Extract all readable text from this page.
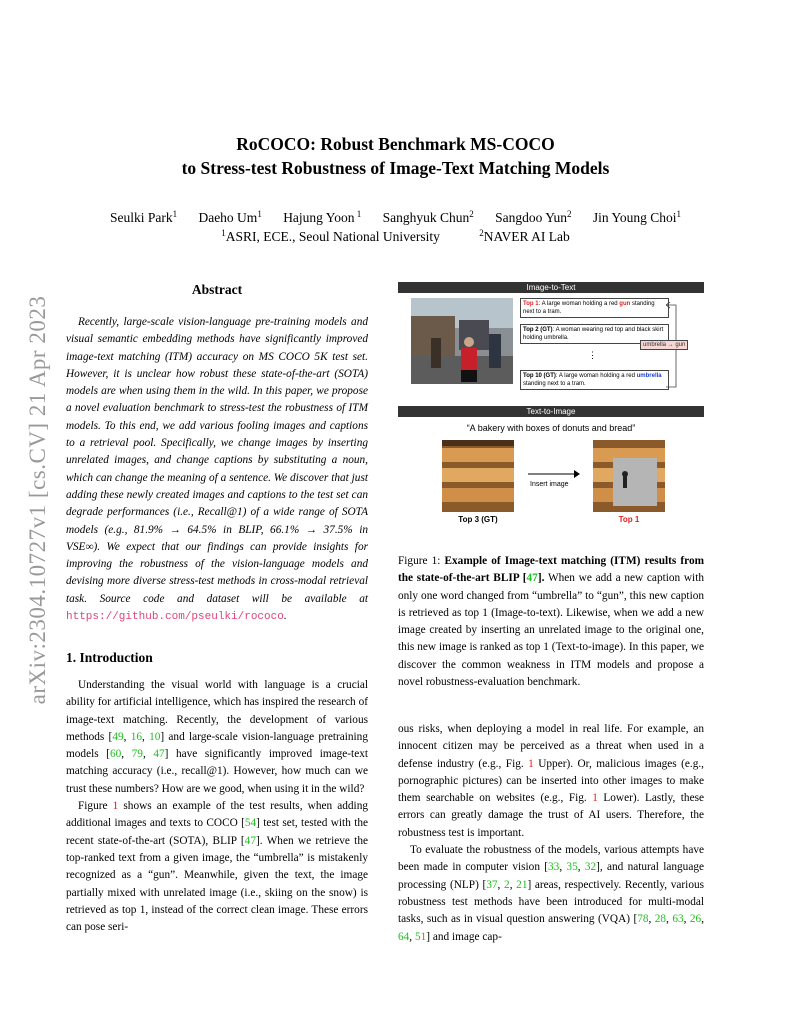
arXiv:2304.10727v1 [cs.CV] 21 Apr 2023
RoCOCO: Robust Benchmark MS-COCO
to Stress-test Robustness of Image-Text Matching Models
Seulki Park$^1$ Daeho Um$^1$ Hajung Yoon $^1$ Sanghyuk Chun$^2$ Sangdoo Yun$^2$ Jin Young Choi$^1$
$^1$ASRI, ECE., Seoul National University	$^2$NAVER AI Lab
Abstract
Recently, large-scale vision-language pre-training models and visual semantic embedding methods have significantly improved image-text matching (ITM) accuracy on MS COCO 5K test set. However, it is unclear how robust these state-of-the-art (SOTA) models are when using them in the wild. In this paper, we propose a novel evaluation benchmark to stress-test the robustness of ITM models. To this end, we add various fooling images and captions to a retrieval pool. Specifically, we change images by inserting unrelated images, and change captions by substituting a noun, which can change the meaning of a sentence. We discover that just adding these newly created images and captions to the test set can degrade performances (i.e., Recall@1) of a wide range of SOTA models (e.g., 81.9% → 64.5% in BLIP, 66.1% → 37.5% in VSE∞). We expect that our findings can provide insights for improving the robustness of the vision-language models and devising more diverse stress-test methods in cross-modal retrieval task. Source code and dataset will be available at https://github.com/pseulki/rococo.
1. Introduction

Understanding the visual world with language is a crucial ability for artificial intelligence, which has inspired the research of image-text matching. Recently, the development of various methods [49, 16, 10] and large-scale vision-language pretraining models [60, 79, 47] have significantly improved image-text matching accuracy (i.e., recall@1). However, how much can we trust these numbers? How are we good, when using it in the wild?

Figure 1 shows an example of the test results, when adding additional images and texts to COCO [54] test set, tested with the recent state-of-the-art (SOTA), BLIP [47]. When we retrieve the top-ranked text from a given image, the “umbrella” is mistakenly recognized as a “gun”. Meanwhile, given the text, the image partially mixed with unrelated image (i.e., skiing on the snow) is retrieved as top 1, instead of the correct clean image. These errors can pose seri-

Image-to-Text
Top 1: A large woman holding a red gun standing next to a tram.
Top 2 (GT): A woman wearing red top and black skirt holding umbrella.
⋮
Top 10 (GT): A large woman holding a red umbrella standing next to a tram.
umbrella → gun
Text-to-Image
“A bakery with boxes of donuts and bread”
Insert image
Top 3 (GT)	Top 1
Figure 1: Example of Image-text matching (ITM) results from the state-of-the-art BLIP [47]. When we add a new caption with only one word changed from “umbrella” to “gun”, this new caption is retrieved as top 1 (Image-to-text). Likewise, when we add a new image created by inserting an unrelated image to the original one, this new image is ranked as top 1 (Text-to-image). In this paper, we discover the common weakness in ITM models and propose a novel robustness-evaluation benchmark.

ous risks, when deploying a model in real life. For example, an innocent citizen may be perceived as a threat when used in a defense industry (e.g., Fig. 1 Upper). Or, malicious images (e.g., pornographic pictures) can be inserted into other images to make them searchable on websites (e.g., Fig. 1 Lower). Lastly, these errors can greatly damage the trust of AI users. Therefore, the robustness test is important.

To evaluate the robustness of the models, various attempts have been made in computer vision [33, 35, 32], and natural language processing (NLP) [37, 2, 21] areas, respectively. Recently, various robustness test methods have been introduced for multi-modal tasks, such as in visual question answering (VQA) [78, 28, 63, 26, 64, 51] and image cap-
